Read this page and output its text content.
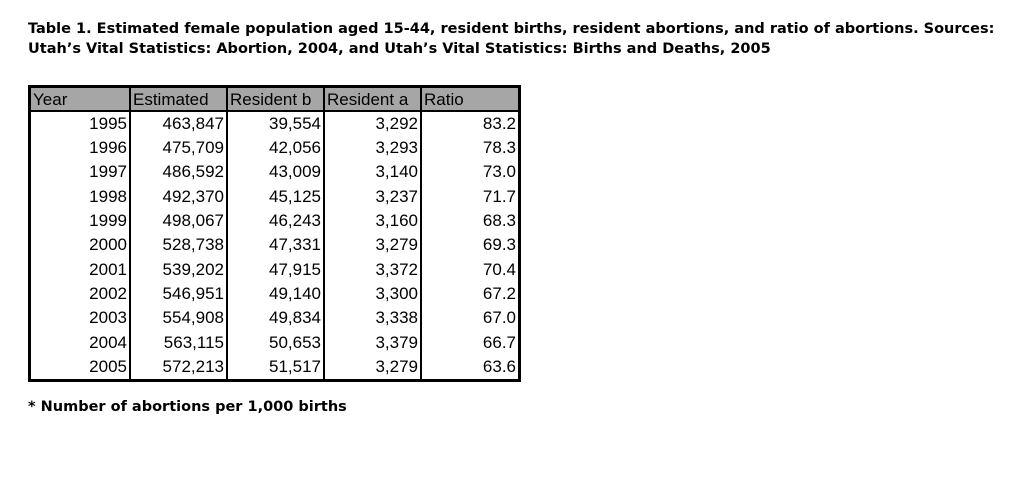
Table 1. Estimated female population aged 15-44, resident births, resident abortions, and ratio of abortions. Sources:
Utah’s Vital Statistics: Abortion, 2004, and Utah’s Vital Statistics: Births and Deaths, 2005
Year	Estimated	Resident b	Resident a	Ratio
1995	463,847	39,554	3,292	83.2
1996	475,709	42,056	3,293	78.3
1997	486,592	43,009	3,140	73.0
1998	492,370	45,125	3,237	71.7
1999	498,067	46,243	3,160	68.3
2000	528,738	47,331	3,279	69.3
2001	539,202	47,915	3,372	70.4
2002	546,951	49,140	3,300	67.2
2003	554,908	49,834	3,338	67.0
2004	563,115	50,653	3,379	66.7
2005	572,213	51,517	3,279	63.6
* Number of abortions per 1,000 births
